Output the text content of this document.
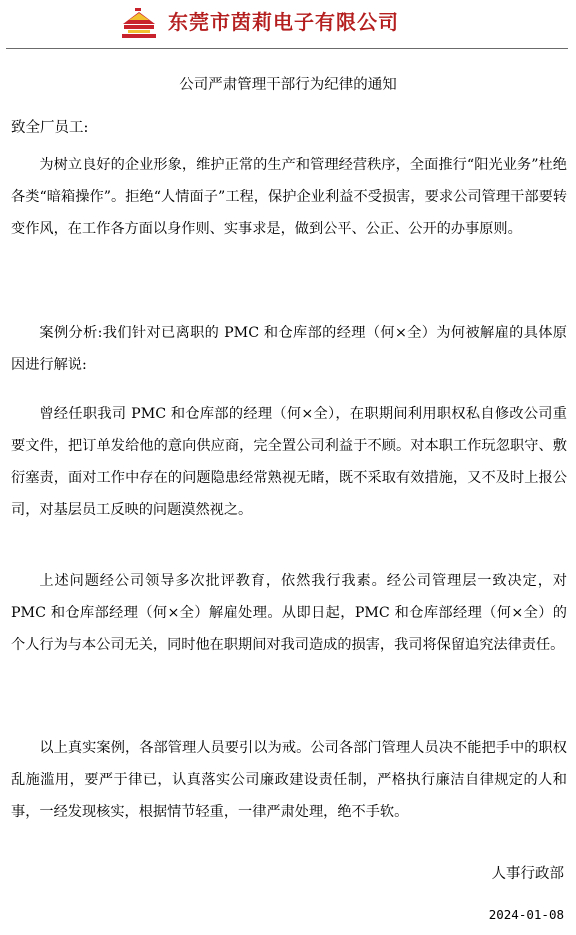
东莞市茵莉电子有限公司
公司严肃管理干部行为纪律的通知
致全厂员工:

为树立良好的企业形象，维护正常的生产和管理经营秩序，全面推行“阳光业务”杜绝各类“暗箱操作”。拒绝“人情面子”工程，保护企业利益不受损害，要求公司管理干部要转变作风，在工作各方面以身作则、实事求是，做到公平、公正、公开的办事原则。

案例分析:我们针对已离职的 PMC 和仓库部的经理（何×全）为何被解雇的具体原因进行解说:

曾经任职我司 PMC 和仓库部的经理（何×全），在职期间利用职权私自修改公司重要文件，把订单发给他的意向供应商，完全置公司利益于不顾。对本职工作玩忽职守、敷衍塞责，面对工作中存在的问题隐患经常熟视无睹，既不采取有效措施，又不及时上报公司，对基层员工反映的问题漠然视之。

上述问题经公司领导多次批评教育，依然我行我素。经公司管理层一致决定，对 PMC 和仓库部经理（何×全）解雇处理。从即日起，PMC 和仓库部经理（何×全）的个人行为与本公司无关，同时他在职期间对我司造成的损害，我司将保留追究法律责任。

以上真实案例，各部管理人员要引以为戒。公司各部门管理人员决不能把手中的职权乱施滥用，要严于律已，认真落实公司廉政建设责任制，严格执行廉洁自律规定的人和事，一经发现核实，根据情节轻重，一律严肃处理，绝不手软。

人事行政部
2024-01-08
